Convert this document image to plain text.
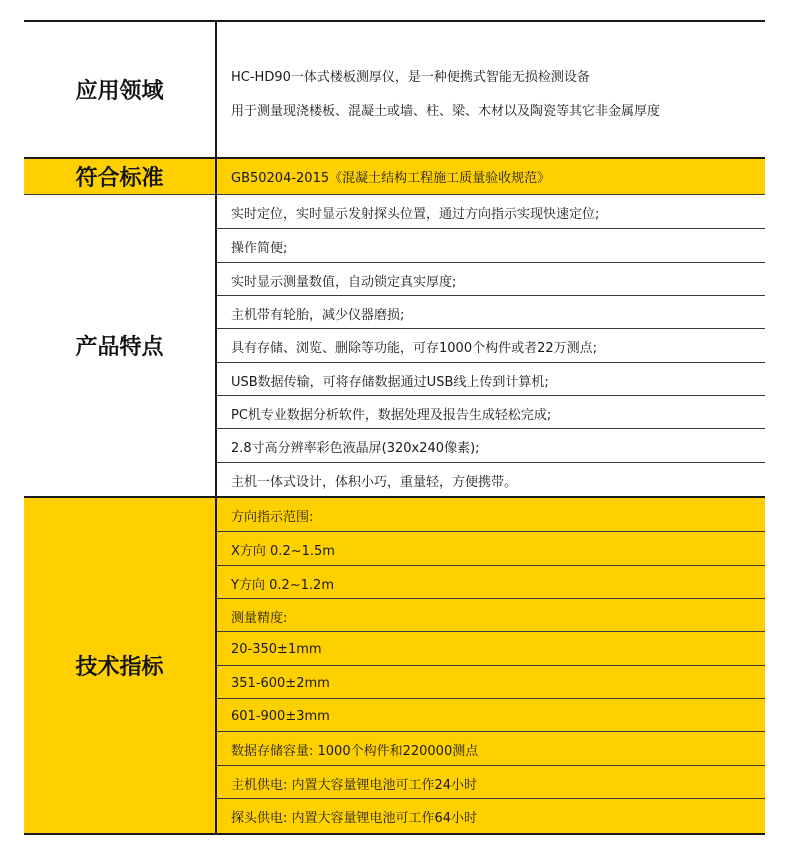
应用领域
HC-HD90一体式楼板测厚仪，是一种便携式智能无损检测设备
用于测量现浇楼板、混凝土或墙、柱、梁、木材以及陶瓷等其它非金属厚度
符合标准	GB50204-2015《混凝土结构工程施工质量验收规范》
产品特点
实时定位，实时显示发射探头位置，通过方向指示实现快速定位;
操作简便;
实时显示测量数值，自动锁定真实厚度;
主机带有轮胎，减少仪器磨损;
具有存储、浏览、删除等功能，可存1000个构件或者22万测点;
USB数据传输，可将存储数据通过USB线上传到计算机;
PC机专业数据分析软件，数据处理及报告生成轻松完成;
2.8寸高分辨率彩色液晶屏(320x240像素);
主机一体式设计，体积小巧，重量轻，方便携带。
技术指标
方向指示范围:
X方向 0.2~1.5m
Y方向 0.2~1.2m
测量精度:
20-350±1mm
351-600±2mm
601-900±3mm
数据存储容量: 1000个构件和220000测点
主机供电: 内置大容量锂电池可工作24小时
探头供电: 内置大容量锂电池可工作64小时
